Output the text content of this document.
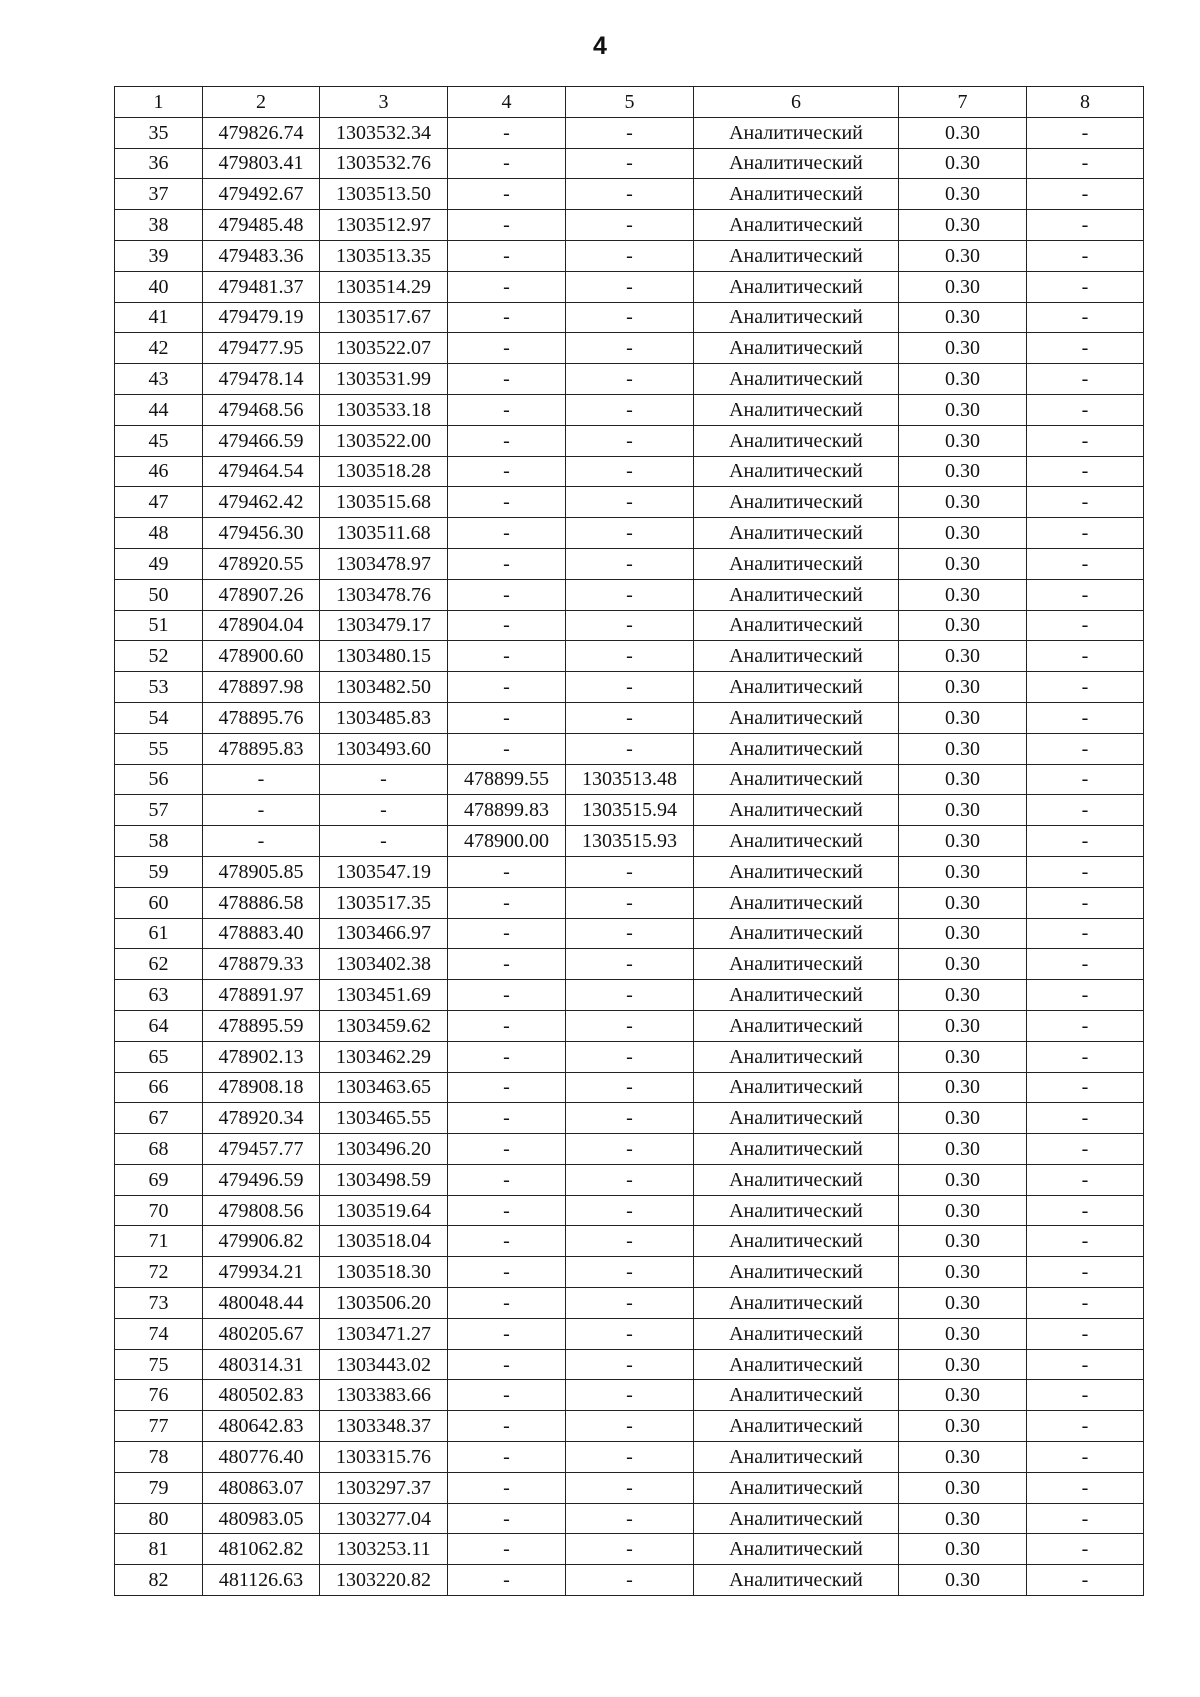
4
1	2	3	4	5	6	7	8
35	479826.74	1303532.34	-	-	Аналитический	0.30	-
36	479803.41	1303532.76	-	-	Аналитический	0.30	-
37	479492.67	1303513.50	-	-	Аналитический	0.30	-
38	479485.48	1303512.97	-	-	Аналитический	0.30	-
39	479483.36	1303513.35	-	-	Аналитический	0.30	-
40	479481.37	1303514.29	-	-	Аналитический	0.30	-
41	479479.19	1303517.67	-	-	Аналитический	0.30	-
42	479477.95	1303522.07	-	-	Аналитический	0.30	-
43	479478.14	1303531.99	-	-	Аналитический	0.30	-
44	479468.56	1303533.18	-	-	Аналитический	0.30	-
45	479466.59	1303522.00	-	-	Аналитический	0.30	-
46	479464.54	1303518.28	-	-	Аналитический	0.30	-
47	479462.42	1303515.68	-	-	Аналитический	0.30	-
48	479456.30	1303511.68	-	-	Аналитический	0.30	-
49	478920.55	1303478.97	-	-	Аналитический	0.30	-
50	478907.26	1303478.76	-	-	Аналитический	0.30	-
51	478904.04	1303479.17	-	-	Аналитический	0.30	-
52	478900.60	1303480.15	-	-	Аналитический	0.30	-
53	478897.98	1303482.50	-	-	Аналитический	0.30	-
54	478895.76	1303485.83	-	-	Аналитический	0.30	-
55	478895.83	1303493.60	-	-	Аналитический	0.30	-
56	-	-	478899.55	1303513.48	Аналитический	0.30	-
57	-	-	478899.83	1303515.94	Аналитический	0.30	-
58	-	-	478900.00	1303515.93	Аналитический	0.30	-
59	478905.85	1303547.19	-	-	Аналитический	0.30	-
60	478886.58	1303517.35	-	-	Аналитический	0.30	-
61	478883.40	1303466.97	-	-	Аналитический	0.30	-
62	478879.33	1303402.38	-	-	Аналитический	0.30	-
63	478891.97	1303451.69	-	-	Аналитический	0.30	-
64	478895.59	1303459.62	-	-	Аналитический	0.30	-
65	478902.13	1303462.29	-	-	Аналитический	0.30	-
66	478908.18	1303463.65	-	-	Аналитический	0.30	-
67	478920.34	1303465.55	-	-	Аналитический	0.30	-
68	479457.77	1303496.20	-	-	Аналитический	0.30	-
69	479496.59	1303498.59	-	-	Аналитический	0.30	-
70	479808.56	1303519.64	-	-	Аналитический	0.30	-
71	479906.82	1303518.04	-	-	Аналитический	0.30	-
72	479934.21	1303518.30	-	-	Аналитический	0.30	-
73	480048.44	1303506.20	-	-	Аналитический	0.30	-
74	480205.67	1303471.27	-	-	Аналитический	0.30	-
75	480314.31	1303443.02	-	-	Аналитический	0.30	-
76	480502.83	1303383.66	-	-	Аналитический	0.30	-
77	480642.83	1303348.37	-	-	Аналитический	0.30	-
78	480776.40	1303315.76	-	-	Аналитический	0.30	-
79	480863.07	1303297.37	-	-	Аналитический	0.30	-
80	480983.05	1303277.04	-	-	Аналитический	0.30	-
81	481062.82	1303253.11	-	-	Аналитический	0.30	-
82	481126.63	1303220.82	-	-	Аналитический	0.30	-
